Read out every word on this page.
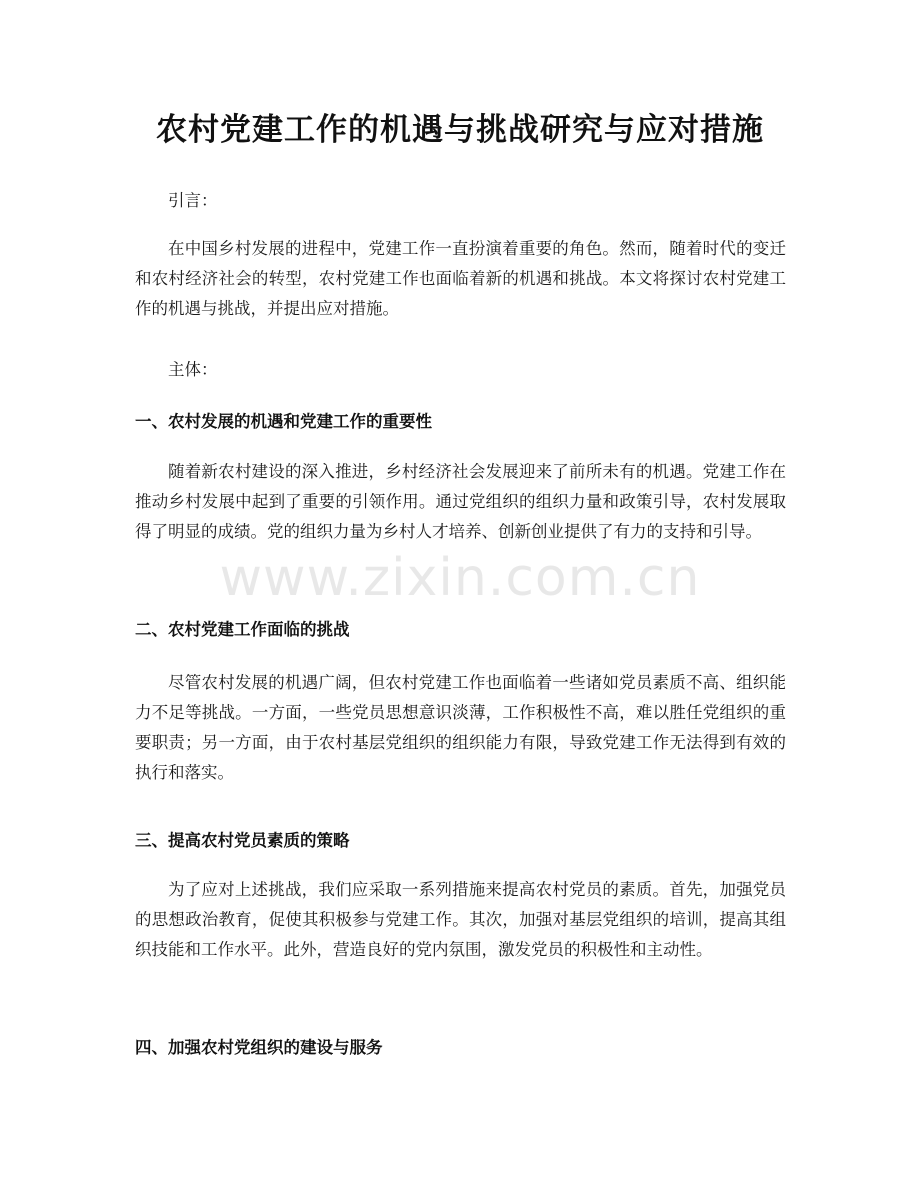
农村党建工作的机遇与挑战研究与应对措施
引言：
在中国乡村发展的进程中，党建工作一直扮演着重要的角色。然而，随着时代的变迁和农村经济社会的转型，农村党建工作也面临着新的机遇和挑战。本文将探讨农村党建工作的机遇与挑战，并提出应对措施。
主体：
一、农村发展的机遇和党建工作的重要性
随着新农村建设的深入推进，乡村经济社会发展迎来了前所未有的机遇。党建工作在推动乡村发展中起到了重要的引领作用。通过党组织的组织力量和政策引导，农村发展取得了明显的成绩。党的组织力量为乡村人才培养、创新创业提供了有力的支持和引导。
二、农村党建工作面临的挑战
尽管农村发展的机遇广阔，但农村党建工作也面临着一些诸如党员素质不高、组织能力不足等挑战。一方面，一些党员思想意识淡薄，工作积极性不高，难以胜任党组织的重要职责；另一方面，由于农村基层党组织的组织能力有限，导致党建工作无法得到有效的执行和落实。
三、提高农村党员素质的策略
为了应对上述挑战，我们应采取一系列措施来提高农村党员的素质。首先，加强党员的思想政治教育，促使其积极参与党建工作。其次，加强对基层党组织的培训，提高其组织技能和工作水平。此外，营造良好的党内氛围，激发党员的积极性和主动性。
四、加强农村党组织的建设与服务
www.zixin.com.cn
